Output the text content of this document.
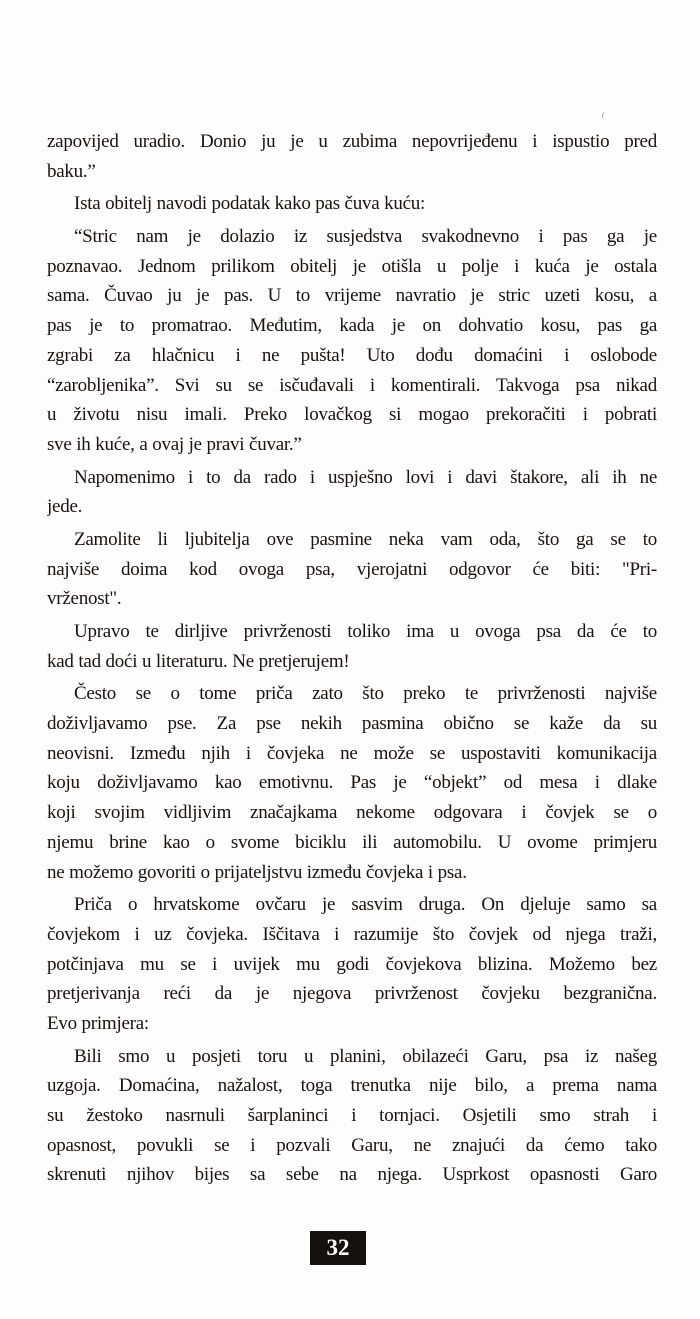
zapovijed uradio. Donio ju je u zubima nepovrijeđenu i ispustio pred
baku.”
Ista obitelj navodi podatak kako pas čuva kuću:
“Stric nam je dolazio iz susjedstva svakodnevno i pas ga je
poznavao. Jednom prilikom obitelj je otišla u polje i kuća je ostala
sama. Čuvao ju je pas. U to vrijeme navratio je stric uzeti kosu, a
pas je to promatrao. Međutim, kada je on dohvatio kosu, pas ga
zgrabi za hlačnicu i ne pušta! Uto dođu domaćini i oslobode
“zarobljenika”. Svi su se isčuđavali i komentirali. Takvoga psa nikad
u životu nisu imali. Preko lovačkog si mogao prekoračiti i pobrati
sve ih kuće, a ovaj je pravi čuvar.”
Napomenimo i to da rado i uspješno lovi i davi štakore, ali ih ne
jede.
Zamolite li ljubitelja ove pasmine neka vam oda, što ga se to
najviše doima kod ovoga psa, vjerojatni odgovor će biti: "Pri-
vrženost".
Upravo te dirljive privrženosti toliko ima u ovoga psa da će to
kad tad doći u literaturu. Ne pretjerujem!
Često se o tome priča zato što preko te privrženosti najviše
doživljavamo pse. Za pse nekih pasmina obično se kaže da su
neovisni. Između njih i čovjeka ne može se uspostaviti komunikacija
koju doživljavamo kao emotivnu. Pas je “objekt” od mesa i dlake
koji svojim vidljivim značajkama nekome odgovara i čovjek se o
njemu brine kao o svome biciklu ili automobilu. U ovome primjeru
ne možemo govoriti o prijateljstvu između čovjeka i psa.
Priča o hrvatskome ovčaru je sasvim druga. On djeluje samo sa
čovjekom i uz čovjeka. Iščitava i razumije što čovjek od njega traži,
potčinjava mu se i uvijek mu godi čovjekova blizina. Možemo bez
pretjerivanja reći da je njegova privrženost čovjeku bezgranična.
Evo primjera:
Bili smo u posjeti toru u planini, obilazeći Garu, psa iz našeg
uzgoja. Domaćina, nažalost, toga trenutka nije bilo, a prema nama
su žestoko nasrnuli šarplaninci i tornjaci. Osjetili smo strah i
opasnost, povukli se i pozvali Garu, ne znajući da ćemo tako
skrenuti njihov bijes sa sebe na njega. Usprkost opasnosti Garo
32
